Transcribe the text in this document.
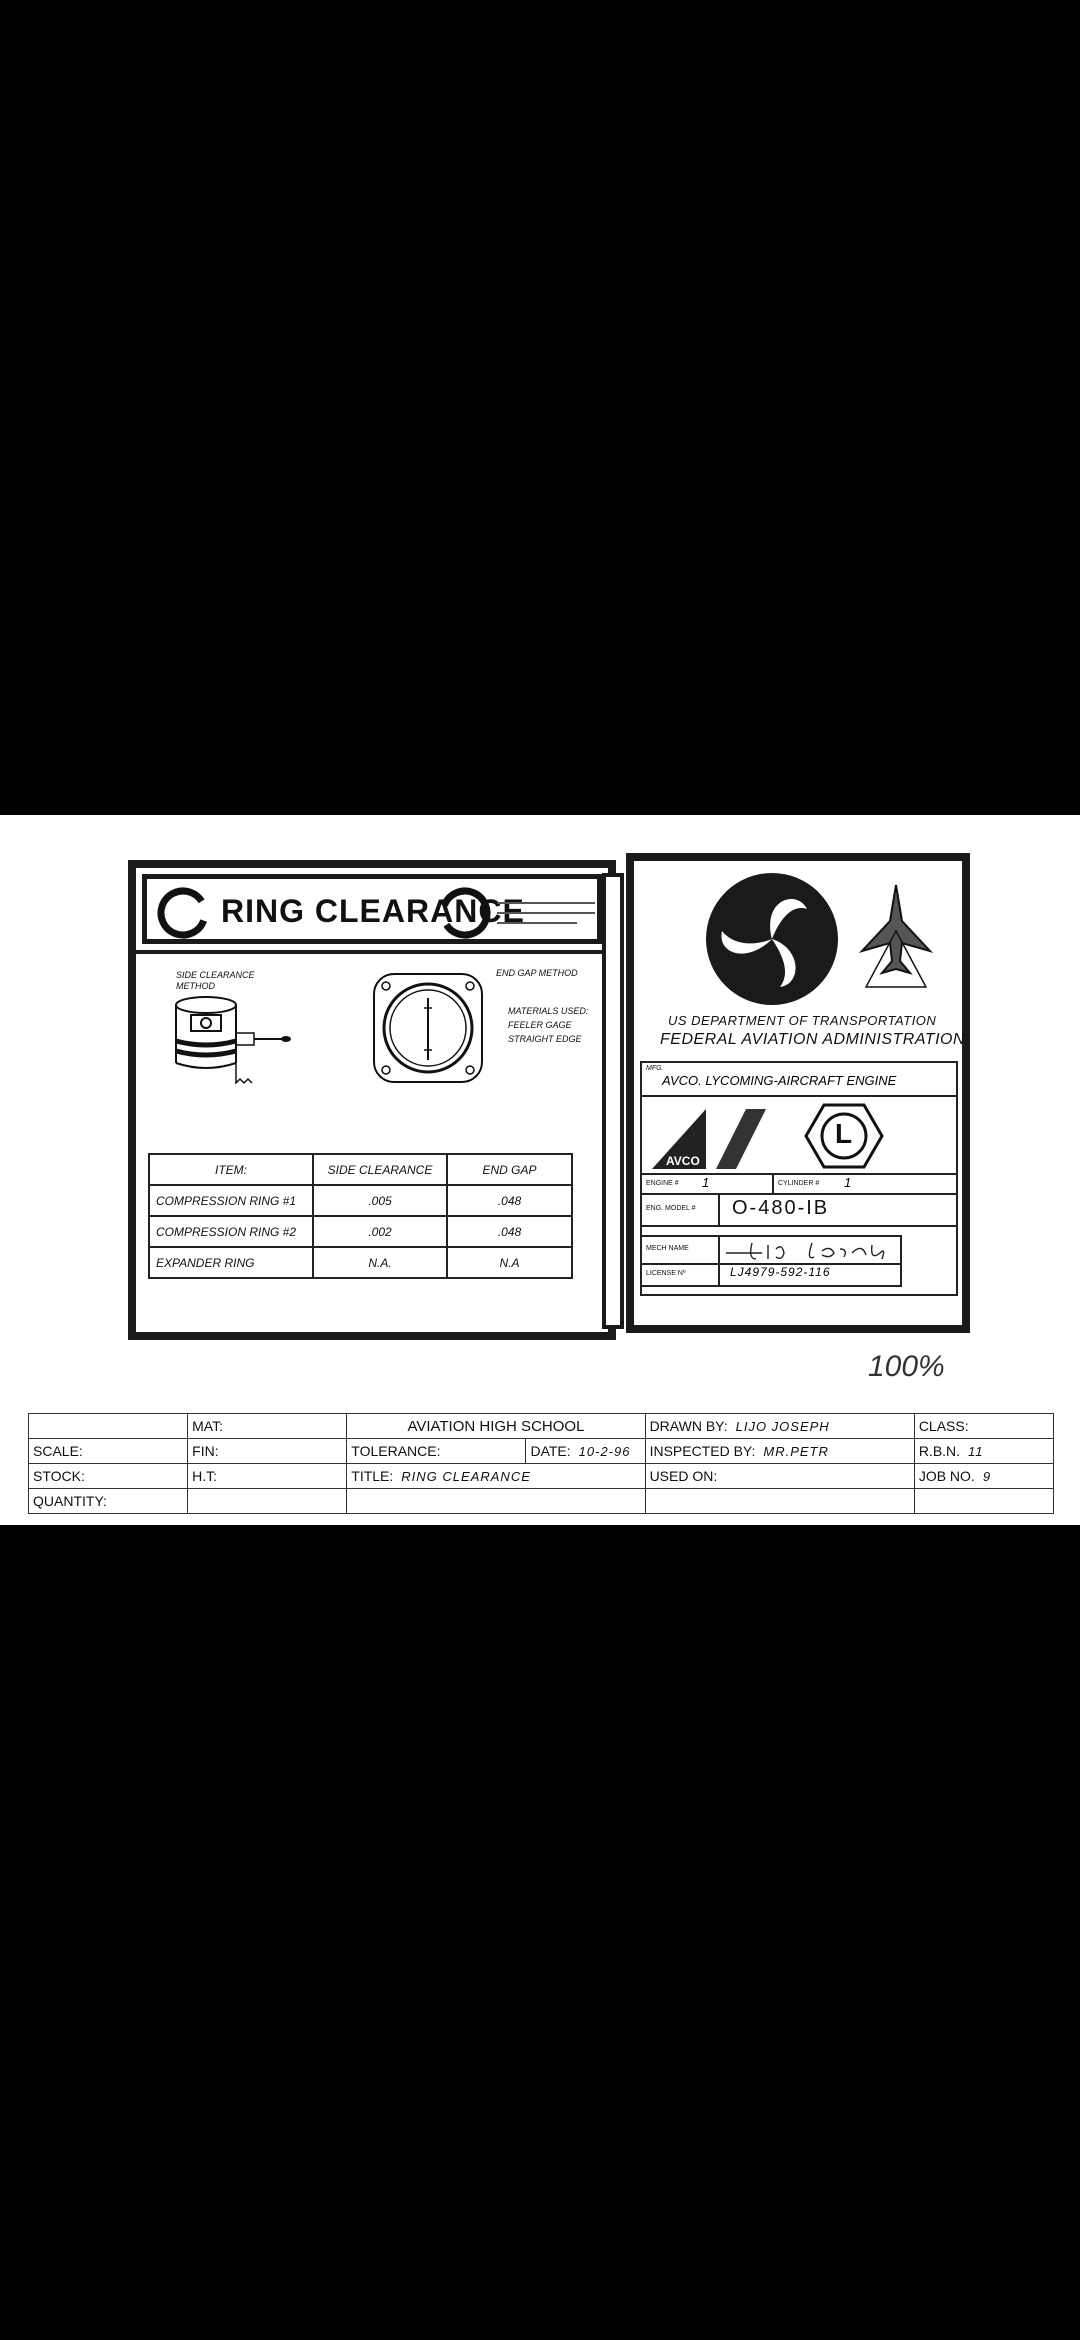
RING CLEARANCE
SIDE CLEARANCE METHOD
END GAP METHOD
MATERIALS USED:
FEELER GAGE
STRAIGHT EDGE
ITEM:	SIDE CLEARANCE	END GAP
COMPRESSION RING #1	.005	.048
COMPRESSION RING #2	.002	.048
EXPANDER RING	N.A.	N.A
US DEPARTMENT OF TRANSPORTATION
FEDERAL AVIATION ADMINISTRATION
MFG.
AVCO. LYCOMING-AIRCRAFT ENGINE
AVCO
L
ENGINE # 1	CYLINDER # 1
ENG. MODEL # O-480-IB
MECH NAME
LICENSE Nº	LJ4979-592-116
100%
	MAT:	AVIATION HIGH SCHOOL		DRAWN BY: LIJO JOSEPH	CLASS:
SCALE:	FIN:	TOLERANCE:	DATE: 10-2-96	INSPECTED BY: MR.PETR	R.B.N. 11
STOCK:	H.T:	TITLE: RING CLEARANCE		USED ON:	JOB NO. 9
QUANTITY:					
